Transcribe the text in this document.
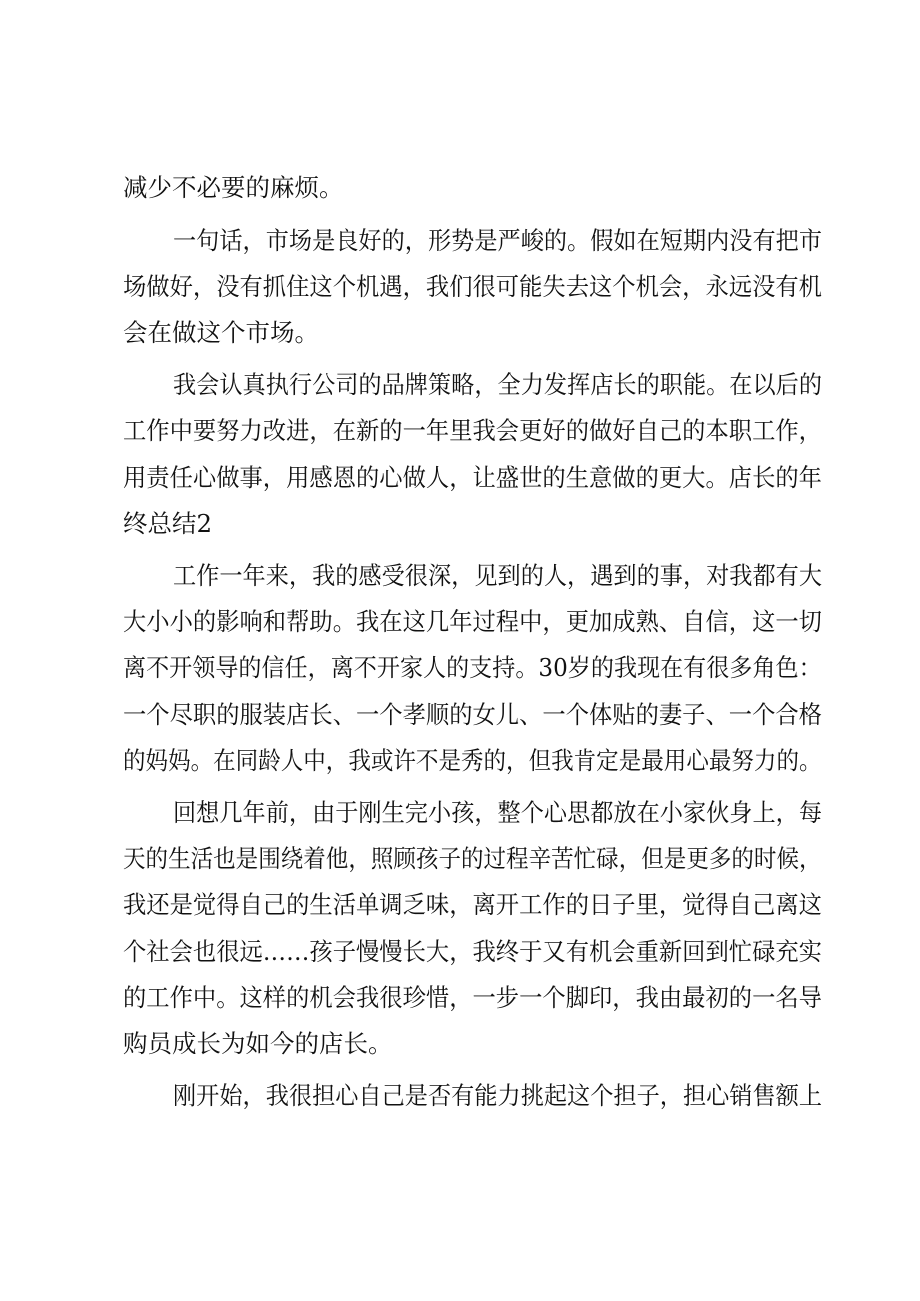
减少不必要的麻烦。

一句话，市场是良好的，形势是严峻的。假如在短期内没有把市

场做好，没有抓住这个机遇，我们很可能失去这个机会，永远没有机

会在做这个市场。

我会认真执行公司的品牌策略，全力发挥店长的职能。在以后的

工作中要努力改进，在新的一年里我会更好的做好自己的本职工作，

用责任心做事，用感恩的心做人，让盛世的生意做的更大。店长的年

终总结2

工作一年来，我的感受很深，见到的人，遇到的事，对我都有大

大小小的影响和帮助。我在这几年过程中，更加成熟、自信，这一切

离不开领导的信任，离不开家人的支持。30岁的我现在有很多角色：

一个尽职的服装店长、一个孝顺的女儿、一个体贴的妻子、一个合格

的妈妈。在同龄人中，我或许不是秀的，但我肯定是最用心最努力的。

回想几年前，由于刚生完小孩，整个心思都放在小家伙身上，每

天的生活也是围绕着他，照顾孩子的过程辛苦忙碌，但是更多的时候，

我还是觉得自己的生活单调乏味，离开工作的日子里，觉得自己离这

个社会也很远……孩子慢慢长大，我终于又有机会重新回到忙碌充实

的工作中。这样的机会我很珍惜，一步一个脚印，我由最初的一名导

购员成长为如今的店长。

刚开始，我很担心自己是否有能力挑起这个担子，担心销售额上
